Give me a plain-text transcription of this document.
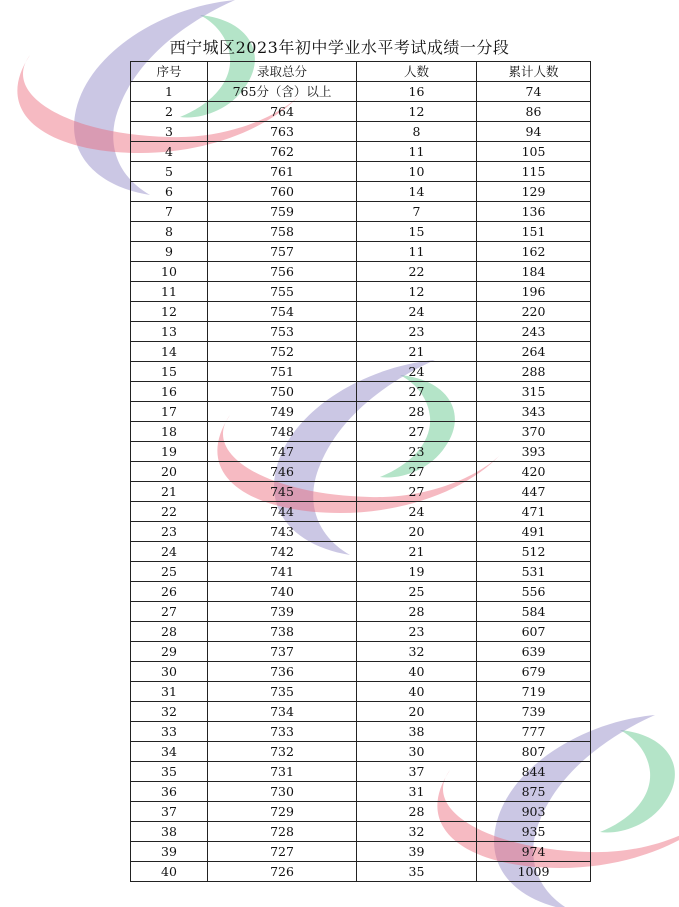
西宁城区2023年初中学业水平考试成绩一分段
序号	录取总分	人数	累计人数
1	765分（含）以上	16	74
2	764	12	86
3	763	8	94
4	762	11	105
5	761	10	115
6	760	14	129
7	759	7	136
8	758	15	151
9	757	11	162
10	756	22	184
11	755	12	196
12	754	24	220
13	753	23	243
14	752	21	264
15	751	24	288
16	750	27	315
17	749	28	343
18	748	27	370
19	747	23	393
20	746	27	420
21	745	27	447
22	744	24	471
23	743	20	491
24	742	21	512
25	741	19	531
26	740	25	556
27	739	28	584
28	738	23	607
29	737	32	639
30	736	40	679
31	735	40	719
32	734	20	739
33	733	38	777
34	732	30	807
35	731	37	844
36	730	31	875
37	729	28	903
38	728	32	935
39	727	39	974
40	726	35	1009
